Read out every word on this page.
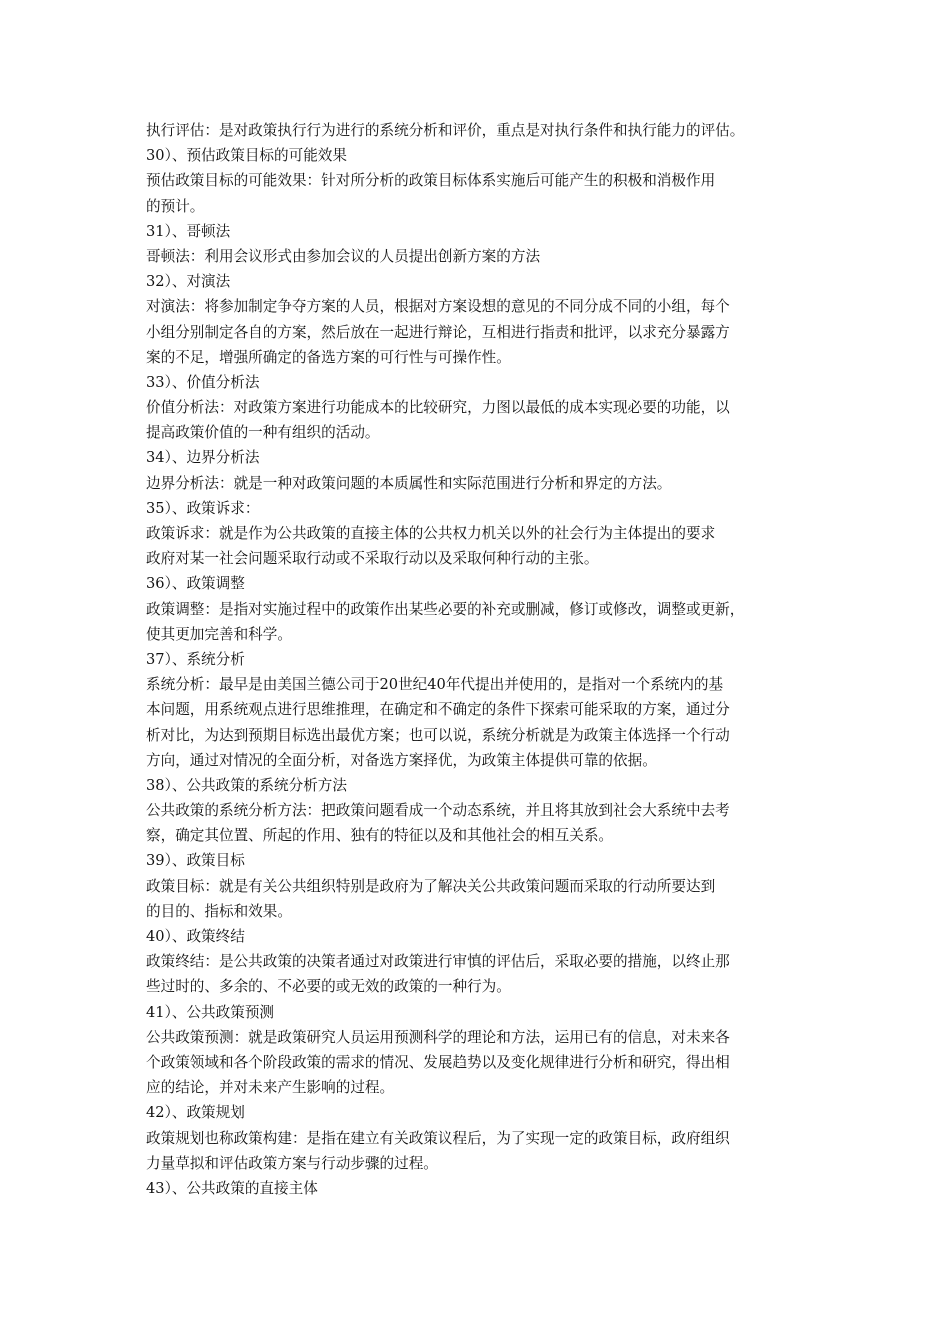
执行评估：是对政策执行行为进行的系统分析和评价，重点是对执行条件和执行能力的评估。
30）、预估政策目标的可能效果
预估政策目标的可能效果：针对所分析的政策目标体系实施后可能产生的积极和消极作用
的预计。
31）、哥顿法
哥顿法：利用会议形式由参加会议的人员提出创新方案的方法
32）、对演法
对演法：将参加制定争夺方案的人员，根据对方案设想的意见的不同分成不同的小组，每个
小组分别制定各自的方案，然后放在一起进行辩论，互相进行指责和批评，以求充分暴露方
案的不足，增强所确定的备选方案的可行性与可操作性。
33）、价值分析法
价值分析法：对政策方案进行功能成本的比较研究，力图以最低的成本实现必要的功能，以
提高政策价值的一种有组织的活动。
34）、边界分析法
边界分析法：就是一种对政策问题的本质属性和实际范围进行分析和界定的方法。
35）、政策诉求：
政策诉求：就是作为公共政策的直接主体的公共权力机关以外的社会行为主体提出的要求
政府对某一社会问题采取行动或不采取行动以及采取何种行动的主张。
36）、政策调整
政策调整：是指对实施过程中的政策作出某些必要的补充或删减，修订或修改，调整或更新，
使其更加完善和科学。
37）、系统分析
系统分析：最早是由美国兰德公司于20世纪40年代提出并使用的，是指对一个系统内的基
本问题，用系统观点进行思维推理，在确定和不确定的条件下探索可能采取的方案，通过分
析对比，为达到预期目标选出最优方案；也可以说，系统分析就是为政策主体选择一个行动
方向，通过对情况的全面分析，对备选方案择优，为政策主体提供可靠的依据。
38）、公共政策的系统分析方法
公共政策的系统分析方法：把政策问题看成一个动态系统，并且将其放到社会大系统中去考
察，确定其位置、所起的作用、独有的特征以及和其他社会的相互关系。
39）、政策目标
政策目标：就是有关公共组织特别是政府为了解决关公共政策问题而采取的行动所要达到
的目的、指标和效果。
40）、政策终结
政策终结：是公共政策的决策者通过对政策进行审慎的评估后，采取必要的措施，以终止那
些过时的、多余的、不必要的或无效的政策的一种行为。
41）、公共政策预测
公共政策预测：就是政策研究人员运用预测科学的理论和方法，运用已有的信息，对未来各
个政策领域和各个阶段政策的需求的情况、发展趋势以及变化规律进行分析和研究，得出相
应的结论，并对未来产生影响的过程。
42）、政策规划
政策规划也称政策构建：是指在建立有关政策议程后，为了实现一定的政策目标，政府组织
力量草拟和评估政策方案与行动步骤的过程。
43）、公共政策的直接主体
